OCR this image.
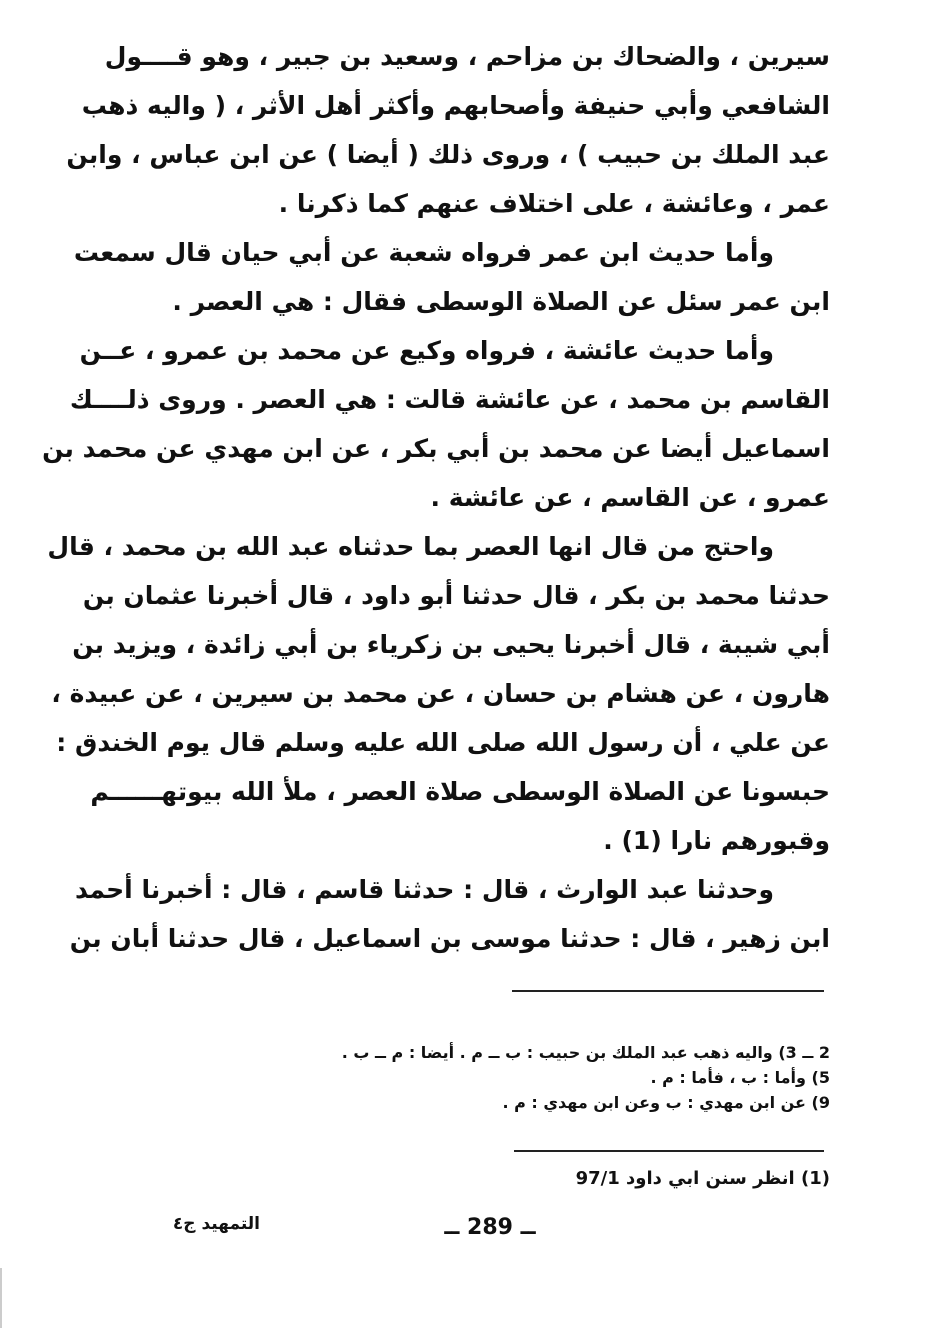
سيرين ، والضحاك بن مزاحم ، وسعيد بن جبير ، وهو قــــول
الشافعي وأبي حنيفة وأصحابهم وأكثر أهل الأثر ، ( واليه ذهب
عبد الملك بن حبيب ) ، وروى ذلك ( أيضا ) عن ابن عباس ، وابن
عمر ، وعائشة ، على اختلاف عنهم كما ذكرنا .
وأما حديث ابن عمر فرواه شعبة عن أبي حيان قال سمعت
ابن عمر سئل عن الصلاة الوسطى فقال : هي العصر .
وأما حديث عائشة ، فرواه وكيع عن محمد بن عمرو ، عــن
القاسم بن محمد ، عن عائشة قالت : هي العصر . وروى ذلــــك
اسماعيل أيضا عن محمد بن أبي بكر ، عن ابن مهدي عن محمد بن
عمرو ، عن القاسم ، عن عائشة .
واحتج من قال انها العصر بما حدثناه عبد الله بن محمد ، قال
حدثنا محمد بن بكر ، قال حدثنا أبو داود ، قال أخبرنا عثمان بن
أبي شيبة ، قال أخبرنا يحيى بن زكرياء بن أبي زائدة ، ويزيد بن
هارون ، عن هشام بن حسان ، عن محمد بن سيرين ، عن عبيدة ،
عن علي ، أن رسول الله صلى الله عليه وسلم قال يوم الخندق :
حبسونا عن الصلاة الوسطى صلاة العصر ، ملأ الله بيوتهــــــم
وقبورهم نارا (1) .
وحدثنا عبد الوارث ، قال : حدثنا قاسم ، قال : أخبرنا أحمد
ابن زهير ، قال : حدثنا موسى بن اسماعيل ، قال حدثنا أبان بن
2 ــ 3) واليه ذهب عبد الملك بن حبيب : ب ــ م . أيضا : م ــ ب .
5) وأما : ب ، فأما : م .
9) عن ابن مهدي : ب وعن ابن مهدي : م .
(1) انظر سنن ابي داود 97/1
ــ 289 ــ
التمهيد ج٤
